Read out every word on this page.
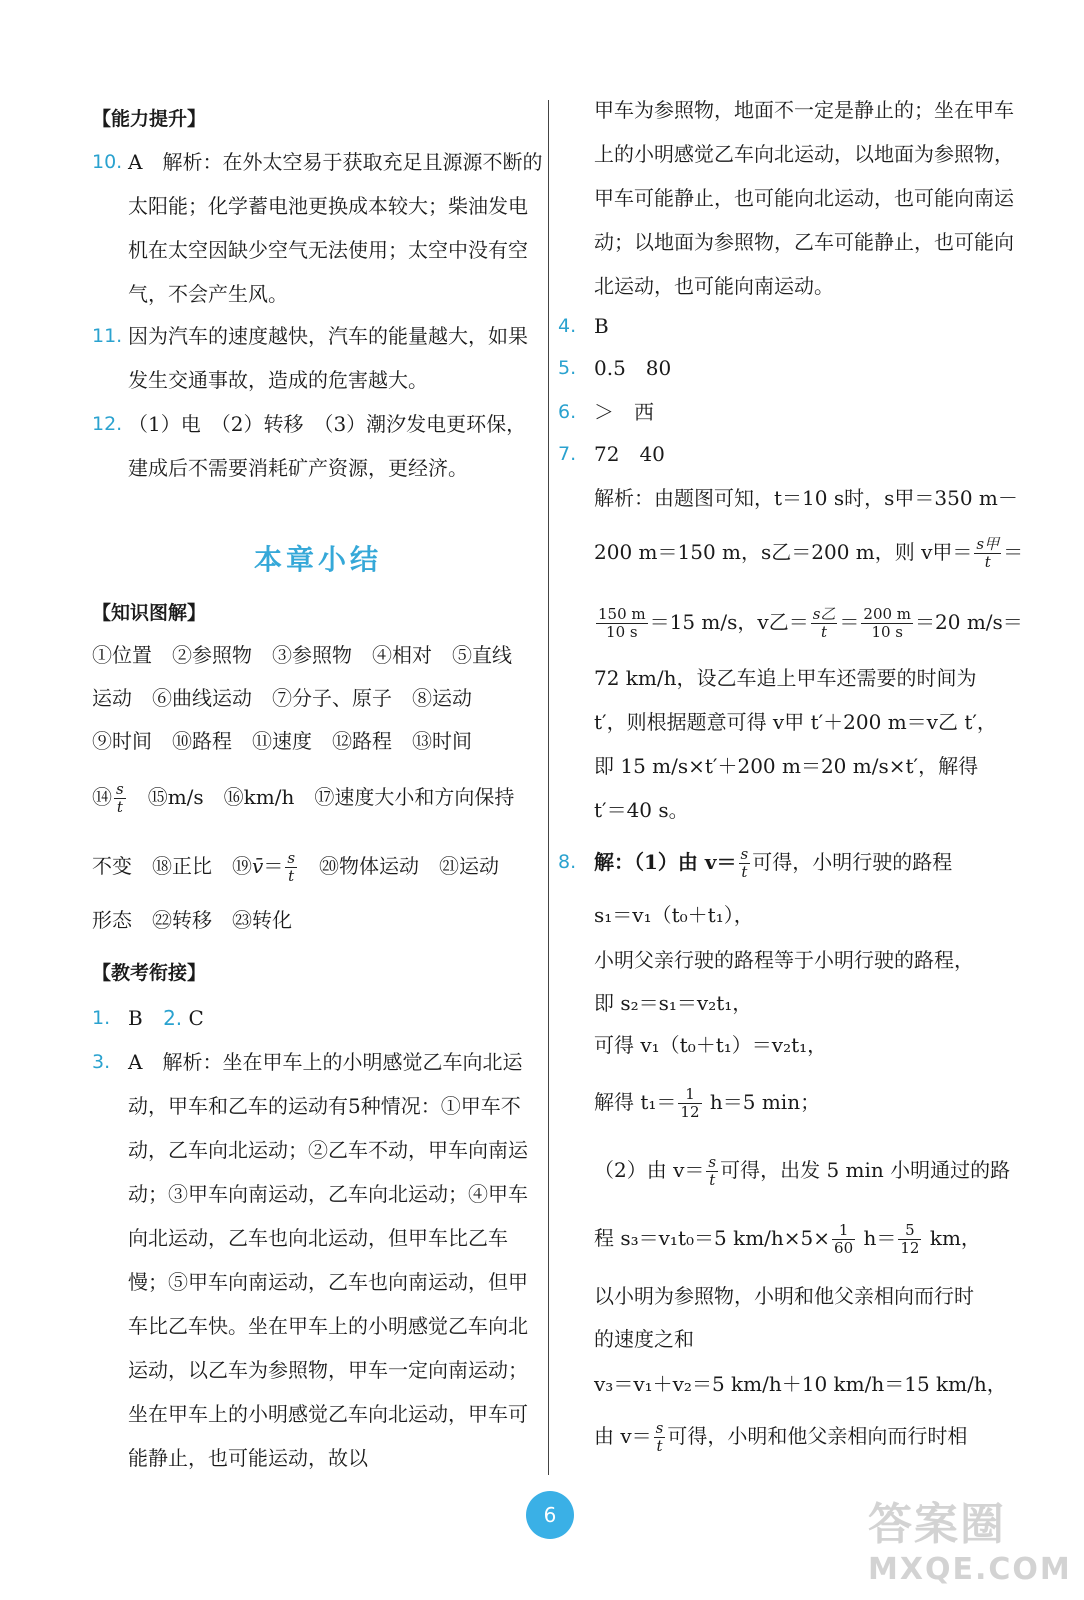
【能力提升】
10. A　解析：在外太空易于获取充足且源源不断的太阳能；化学蓄电池更换成本较大；柴油发电机在太空因缺少空气无法使用；太空中没有空气，不会产生风。
11. 因为汽车的速度越快，汽车的能量越大，如果发生交通事故，造成的危害越大。
12. （1）电　（2）转移　（3）潮汐发电更环保，建成后不需要消耗矿产资源，更经济。
本章小结
【知识图解】
①位置　②参照物　③参照物　④相对　⑤直线
运动　⑥曲线运动　⑦分子、原子　⑧运动
⑨时间　⑩路程　⑪速度　⑫路程　⑬时间
⑭ $\frac{s}{t}$ 　⑮m/s　⑯km/h　⑰速度大小和方向保持
不变　⑱正比　⑲v̄＝ $\frac{s}{t}$ 　⑳物体运动　㉑运动
形态　㉒转移　㉓转化
【教考衔接】
1. B 2. C
3. A　解析：坐在甲车上的小明感觉乙车向北运动，甲车和乙车的运动有5种情况：①甲车不动，乙车向北运动；②乙车不动，甲车向南运动；③甲车向南运动，乙车向北运动；④甲车向北运动，乙车也向北运动，但甲车比乙车慢；⑤甲车向南运动，乙车也向南运动，但甲车比乙车快。坐在甲车上的小明感觉乙车向北运动，以乙车为参照物，甲车一定向南运动；坐在甲车上的小明感觉乙车向北运动，甲车可能静止，也可能运动，故以
甲车为参照物，地面不一定是静止的；坐在甲车上的小明感觉乙车向北运动，以地面为参照物，甲车可能静止，也可能向北运动，也可能向南运动；以地面为参照物，乙车可能静止，也可能向北运动，也可能向南运动。
4. B
5. 0.5　80
6. ＞　西
7. 72　40
解析：由题图可知，t＝10 s时，s甲＝350 m－
200 m＝150 m，s乙＝200 m，则 v甲＝ $\frac{\text{s甲}}{t}$ ＝
$\frac{150 m}{10 s} =15$ m/s，v乙＝ $\frac{\text{s乙}}{t} = \frac{200 m}{10 s} =20$ m/s＝
72 km/h，设乙车追上甲车还需要的时间为
t′，则根据题意可得 v甲 t′＋200 m＝v乙 t′，
即 15 m/s×t′＋200 m＝20 m/s×t′，解得
t′＝40 s。
8. 解：（1）由 $v= \frac{s}{t}$ 可得，小明行驶的路程
s₁＝v₁（t₀＋t₁），
小明父亲行驶的路程等于小明行驶的路程，
即 s₂＝s₁＝v₂t₁，
可得 v₁（t₀＋t₁）＝v₂t₁，
解得 $t_1= \frac{1}{12} h=5$ min；
（2）由 $v= \frac{s}{t}$ 可得，出发 5 min 小明通过的路
程 s₃＝v₁t₀＝5 $km/h\times 5\times \frac{1}{60} h= \frac{5}{12}$ km，
以小明为参照物，小明和他父亲相向而行时
的速度之和
v₃＝v₁＋v₂＝5 km/h＋10 km/h＝15 km/h，
由 $v= \frac{s}{t}$ 可得，小明和他父亲相向而行时相
6	答案圈
MXQE.COM
